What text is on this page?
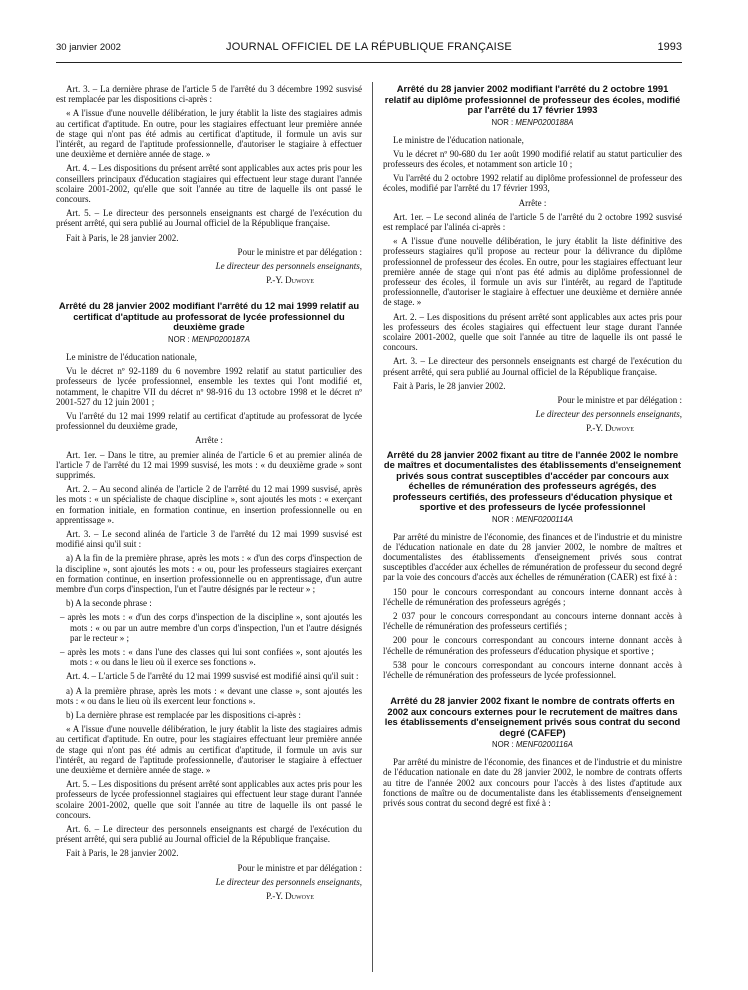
30 janvier 2002	JOURNAL OFFICIEL DE LA RÉPUBLIQUE FRANÇAISE	1993

Art. 3. – La dernière phrase de l'article 5 de l'arrêté du 3 décembre 1992 susvisé est remplacée par les dispositions ci-après :

« A l'issue d'une nouvelle délibération, le jury établit la liste des stagiaires admis au certificat d'aptitude. En outre, pour les stagiaires effectuant leur première année de stage qui n'ont pas été admis au certificat d'aptitude, il formule un avis sur l'intérêt, au regard de l'aptitude professionnelle, d'autoriser le stagiaire à effectuer une deuxième et dernière année de stage. »

Art. 4. – Les dispositions du présent arrêté sont applicables aux actes pris pour les conseillers principaux d'éducation stagiaires qui effectuent leur stage durant l'année scolaire 2001-2002, qu'elle que soit l'année au titre de laquelle ils ont passé le concours.

Art. 5. – Le directeur des personnels enseignants est chargé de l'exécution du présent arrêté, qui sera publié au Journal officiel de la République française.

Fait à Paris, le 28 janvier 2002.

Pour le ministre et par délégation :

Le directeur des personnels enseignants,

P.-Y. Duwoye

Arrêté du 28 janvier 2002 modifiant l'arrêté du 12 mai 1999 relatif au certificat d'aptitude au professorat de lycée professionnel du deuxième grade
NOR : MENP0200187A

Le ministre de l'éducation nationale,

Vu le décret nº 92-1189 du 6 novembre 1992 relatif au statut particulier des professeurs de lycée professionnel, ensemble les textes qui l'ont modifié et, notamment, le chapitre VII du décret nº 98-916 du 13 octobre 1998 et le décret nº 2001-527 du 12 juin 2001 ;

Vu l'arrêté du 12 mai 1999 relatif au certificat d'aptitude au professorat de lycée professionnel du deuxième grade,

Arrête :

Art. 1er. – Dans le titre, au premier alinéa de l'article 6 et au premier alinéa de l'article 7 de l'arrêté du 12 mai 1999 susvisé, les mots : « du deuxième grade » sont supprimés.

Art. 2. – Au second alinéa de l'article 2 de l'arrêté du 12 mai 1999 susvisé, après les mots : « un spécialiste de chaque discipline », sont ajoutés les mots : « exerçant en formation initiale, en formation continue, en insertion professionnelle ou en apprentissage ».

Art. 3. – Le second alinéa de l'article 3 de l'arrêté du 12 mai 1999 susvisé est modifié ainsi qu'il suit :

a) A la fin de la première phrase, après les mots : « d'un des corps d'inspection de la discipline », sont ajoutés les mots : « ou, pour les professeurs stagiaires exerçant en formation continue, en insertion professionnelle ou en apprentissage, d'un autre membre d'un corps d'inspection, l'un et l'autre désignés par le recteur » ;

b) A la seconde phrase :

– après les mots : « d'un des corps d'inspection de la discipline », sont ajoutés les mots : « ou par un autre membre d'un corps d'inspection, l'un et l'autre désignés par le recteur » ;

– après les mots : « dans l'une des classes qui lui sont confiées », sont ajoutés les mots : « ou dans le lieu où il exerce ses fonctions ».

Art. 4. – L'article 5 de l'arrêté du 12 mai 1999 susvisé est modifié ainsi qu'il suit :

a) A la première phrase, après les mots : « devant une classe », sont ajoutés les mots : « ou dans le lieu où ils exercent leur fonctions ».

b) La dernière phrase est remplacée par les dispositions ci-après :

« A l'issue d'une nouvelle délibération, le jury établit la liste des stagiaires admis au certificat d'aptitude. En outre, pour les stagiaires effectuant leur première année de stage qui n'ont pas été admis au certificat d'aptitude, il formule un avis sur l'intérêt, au regard de l'aptitude professionnelle, d'autoriser le stagiaire à effectuer une deuxième et dernière année de stage. »

Art. 5. – Les dispositions du présent arrêté sont applicables aux actes pris pour les professeurs de lycée professionnel stagiaires qui effectuent leur stage durant l'année scolaire 2001-2002, quelle que soit l'année au titre de laquelle ils ont passé le concours.

Art. 6. – Le directeur des personnels enseignants est chargé de l'exécution du présent arrêté, qui sera publié au Journal officiel de la République française.

Fait à Paris, le 28 janvier 2002.

Pour le ministre et par délégation :

Le directeur des personnels enseignants,

P.-Y. Duwoye

Arrêté du 28 janvier 2002 modifiant l'arrêté du 2 octobre 1991 relatif au diplôme professionnel de professeur des écoles, modifié par l'arrêté du 17 février 1993
NOR : MENP0200188A

Le ministre de l'éducation nationale,

Vu le décret nº 90-680 du 1er août 1990 modifié relatif au statut particulier des professeurs des écoles, et notamment son article 10 ;

Vu l'arrêté du 2 octobre 1992 relatif au diplôme professionnel de professeur des écoles, modifié par l'arrêté du 17 février 1993,

Arrête :

Art. 1er. – Le second alinéa de l'article 5 de l'arrêté du 2 octobre 1992 susvisé est remplacé par l'alinéa ci-après :

« A l'issue d'une nouvelle délibération, le jury établit la liste définitive des professeurs stagiaires qu'il propose au recteur pour la délivrance du diplôme professionnel de professeur des écoles. En outre, pour les stagiaires effectuant leur première année de stage qui n'ont pas été admis au diplôme professionnel de professeur des écoles, il formule un avis sur l'intérêt, au regard de l'aptitude professionnelle, d'autoriser le stagiaire à effectuer une deuxième et dernière année de stage. »

Art. 2. – Les dispositions du présent arrêté sont applicables aux actes pris pour les professeurs des écoles stagiaires qui effectuent leur stage durant l'année scolaire 2001-2002, quelle que soit l'année au titre de laquelle ils ont passé le concours.

Art. 3. – Le directeur des personnels enseignants est chargé de l'exécution du présent arrêté, qui sera publié au Journal officiel de la République française.

Fait à Paris, le 28 janvier 2002.

Pour le ministre et par délégation :

Le directeur des personnels enseignants,

P.-Y. Duwoye

Arrêté du 28 janvier 2002 fixant au titre de l'année 2002 le nombre de maîtres et documentalistes des établissements d'enseignement privés sous contrat susceptibles d'accéder par concours aux échelles de rémunération des professeurs agrégés, des professeurs certifiés, des professeurs d'éducation physique et sportive et des professeurs de lycée professionnel
NOR : MENF0200114A

Par arrêté du ministre de l'économie, des finances et de l'industrie et du ministre de l'éducation nationale en date du 28 janvier 2002, le nombre de maîtres et documentalistes des établissements d'enseignement privés sous contrat susceptibles d'accéder aux échelles de rémunération de professeur du second degré par la voie des concours d'accès aux échelles de rémunération (CAER) est fixé à :

150 pour le concours correspondant au concours interne donnant accès à l'échelle de rémunération des professeurs agrégés ;

2 037 pour le concours correspondant au concours interne donnant accès à l'échelle de rémunération des professeurs certifiés ;

200 pour le concours correspondant au concours interne donnant accès à l'échelle de rémunération des professeurs d'éducation physique et sportive ;

538 pour le concours correspondant au concours interne donnant accès à l'échelle de rémunération des professeurs de lycée professionnel.

Arrêté du 28 janvier 2002 fixant le nombre de contrats offerts en 2002 aux concours externes pour le recrutement de maîtres dans les établissements d'enseignement privés sous contrat du second degré (CAFEP)
NOR : MENF0200116A

Par arrêté du ministre de l'économie, des finances et de l'industrie et du ministre de l'éducation nationale en date du 28 janvier 2002, le nombre de contrats offerts au titre de l'année 2002 aux concours pour l'accès à des listes d'aptitude aux fonctions de maître ou de documentaliste dans les établissements d'enseignement privés sous contrat du second degré est fixé à :
